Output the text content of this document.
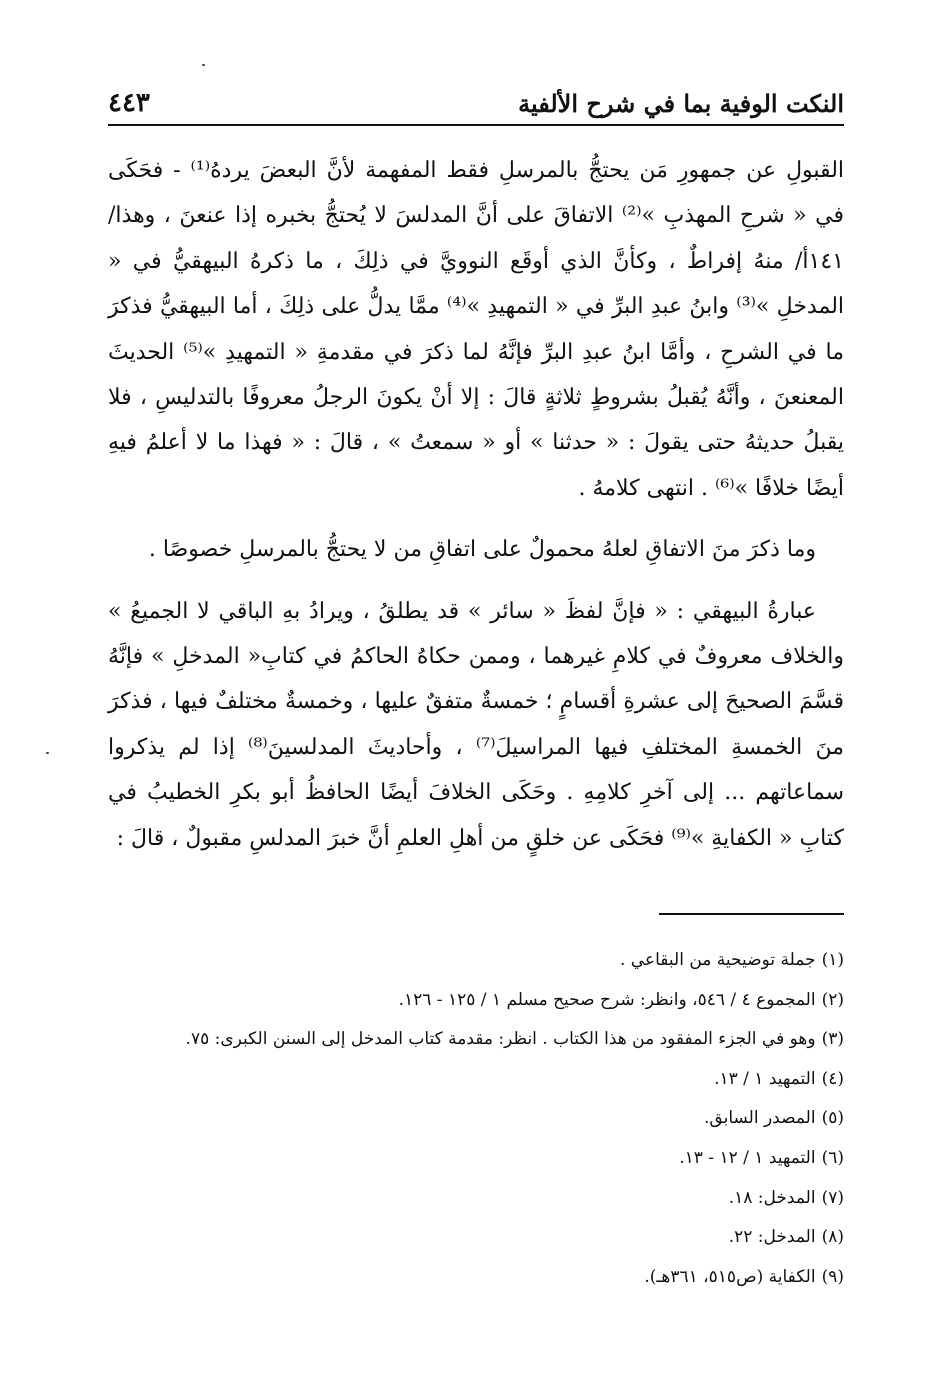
النكت الوفية بما في شرح الألفية
٤٤٣

القبولِ عن جمهورِ مَن يحتجُّ بالمرسلِ فقط المفهمة لأنَّ البعضَ يردهُ⁽¹⁾ - فحَكَى في « شرحِ المهذبِ »⁽²⁾ الاتفاقَ على أنَّ المدلسَ لا يُحتجُّ بخبره إذا عنعنَ ، وهذا/١٤١أ/ منهُ إفراطٌ ، وكأنَّ الذي أوقَع النوويَّ في ذلِكَ ، ما ذكرهُ البيهقيُّ في « المدخلِ »⁽³⁾ وابنُ عبدِ البرِّ في « التمهيدِ »⁽⁴⁾ ممَّا يدلُّ على ذلِكَ ، أما البيهقيُّ فذكرَ ما في الشرحِ ، وأمَّا ابنُ عبدِ البرِّ فإنَّهُ لما ذكرَ في مقدمةِ « التمهيدِ »⁽⁵⁾ الحديثَ المعنعنَ ، وأنَّهُ يُقبلُ بشروطٍ ثلاثةٍ قالَ : إلا أنْ يكونَ الرجلُ معروفًا بالتدليسِ ، فلا يقبلُ حديثهُ حتى يقولَ : « حدثنا » أو « سمعتُ » ، قالَ : « فهذا ما لا أعلمُ فيهِ أيضًا خلافًا »⁽⁶⁾ . انتهى كلامهُ .

وما ذكرَ منَ الاتفاقِ لعلهُ محمولٌ على اتفاقِ من لا يحتجُّ بالمرسلِ خصوصًا .

عبارةُ البيهقي : « فإنَّ لفظَ « سائر » قد يطلقُ ، ويرادُ بهِ الباقي لا الجميعُ » والخلاف معروفٌ في كلامِ غيرهما ، وممن حكاهُ الحاكمُ في كتابِ« المدخلِ » فإنَّهُ قسَّمَ الصحيحَ إلى عشرةِ أقسامٍ ؛ خمسةٌ متفقٌ عليها ، وخمسةٌ مختلفٌ فيها ، فذكرَ منَ الخمسةِ المختلفِ فيها المراسيلَ⁽⁷⁾ ، وأحاديثَ المدلسينَ⁽⁸⁾ إذا لم يذكروا سماعاتهم ... إلى آخرِ كلامِهِ . وحَكَى الخلافَ أيضًا الحافظُ أبو بكرِ الخطيبُ في كتابِ « الكفايةِ »⁽⁹⁾ فحَكَى عن خلقٍ من أهلِ العلمِ أنَّ خبرَ المدلسِ مقبولٌ ، قالَ :

(١)جملة توضيحية من البقاعي .
(٢)المجموع ٤ / ٥٤٦، وانظر: شرح صحيح مسلم ١ / ١٢٥ - ١٢٦.
(٣)وهو في الجزء المفقود من هذا الكتاب . انظر: مقدمة كتاب المدخل إلى السنن الكبرى: ٧٥.
(٤)التمهيد ١ / ١٣.
(٥)المصدر السابق.
(٦)التمهيد ١ / ١٢ - ١٣.
(٧)المدخل: ١٨.
(٨)المدخل: ٢٢.
(٩)الكفاية (ص٥١٥، ٣٦١هـ).
